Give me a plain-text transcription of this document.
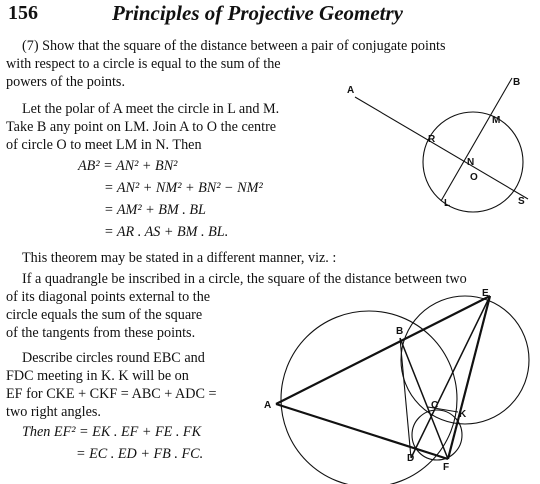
156	Principles of Projective Geometry
(7) Show that the square of the distance between a pair of conjugate points
with respect to a circle is equal to the sum of the
powers of the points.
Let the polar of A meet the circle in L and M.
Take B any point on LM. Join A to O the centre
of circle O to meet LM in N. Then
AB² = AN² + BN²
= AN² + NM² + BN² − NM²
= AM² + BM . BL
= AR . AS + BM . BL.
This theorem may be stated in a different manner, viz. :
If a quadrangle be inscribed in a circle, the square of the distance between two
of its diagonal points external to the
circle equals the sum of the square
of the tangents from these points.
Describe circles round EBC and
FDC meeting in K. K will be on
EF for CKE + CKF = ABC + ADC =
two right angles.
Then EF² = EK . EF + FE . FK
= EC . ED + FB . FC.
A
B
M
R
N
O
L	S
A
B
C
D
E
F
K
